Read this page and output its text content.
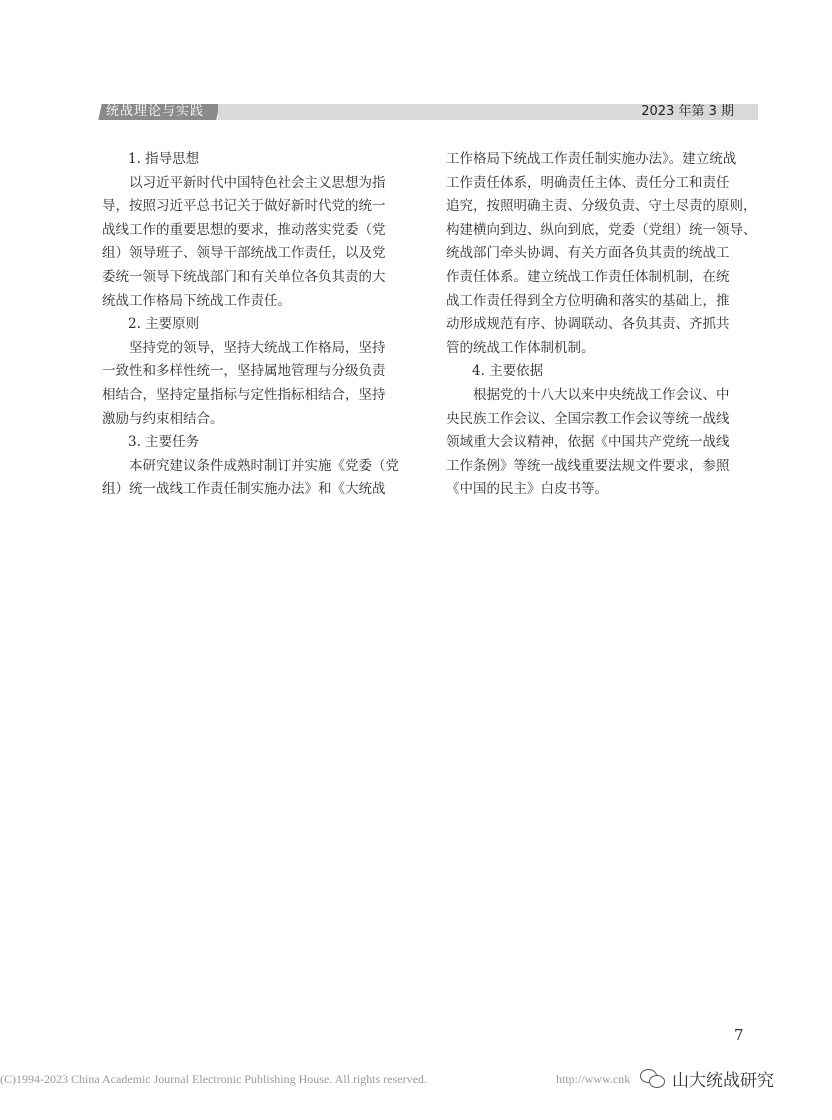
统战理论与实践	2023 年第 3 期
1. 指导思想
以习近平新时代中国特色社会主义思想为指
导，按照习近平总书记关于做好新时代党的统一
战线工作的重要思想的要求，推动落实党委（党
组）领导班子、领导干部统战工作责任，以及党
委统一领导下统战部门和有关单位各负其责的大
统战工作格局下统战工作责任。
2. 主要原则
坚持党的领导，坚持大统战工作格局，坚持
一致性和多样性统一，坚持属地管理与分级负责
相结合，坚持定量指标与定性指标相结合，坚持
激励与约束相结合。
3. 主要任务
本研究建议条件成熟时制订并实施《党委（党
组）统一战线工作责任制实施办法》和《大统战
工作格局下统战工作责任制实施办法》。建立统战
工作责任体系，明确责任主体、责任分工和责任
追究，按照明确主责、分级负责、守土尽责的原则，
构建横向到边、纵向到底，党委（党组）统一领导、
统战部门牵头协调、有关方面各负其责的统战工
作责任体系。建立统战工作责任体制机制，在统
战工作责任得到全方位明确和落实的基础上，推
动形成规范有序、协调联动、各负其责、齐抓共
管的统战工作体制机制。
4. 主要依据
根据党的十八大以来中央统战工作会议、中
央民族工作会议、全国宗教工作会议等统一战线
领域重大会议精神，依据《中国共产党统一战线
工作条例》等统一战线重要法规文件要求，参照
《中国的民主》白皮书等。
7
(C)1994-2023 China Academic Journal Electronic Publishing House. All rights reserved.	http://www.cnk 山大统战研究
